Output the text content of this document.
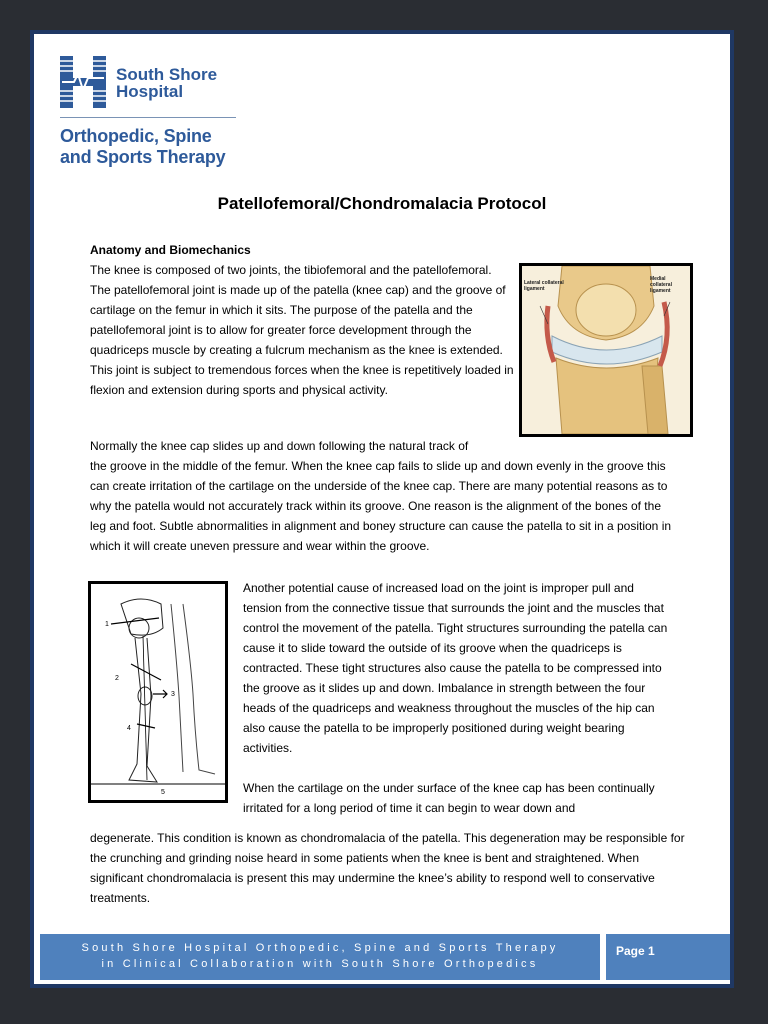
South Shore
Hospital
Orthopedic, Spine
and Sports Therapy
Patellofemoral/Chondromalacia Protocol
Anatomy and Biomechanics
The knee is composed of two joints, the tibiofemoral and the patellofemoral. The patellofemoral joint is made up of the patella (knee cap) and the groove of cartilage on the femur in which it sits. The purpose of the patella and the patellofemoral joint is to allow for greater force development through the quadriceps muscle by creating a fulcrum mechanism as the knee is extended. This joint is subject to tremendous forces when the knee is repetitively loaded in flexion and extension during sports and physical activity.
Lateral collateral ligament
Medial collateral ligament
Normally the knee cap slides up and down following the natural track of
the groove in the middle of the femur. When the knee cap fails to slide up and down evenly in the groove this can create irritation of the cartilage on the underside of the knee cap. There are many potential reasons as to why the patella would not accurately track within its groove. One reason is the alignment of the bones of the leg and foot. Subtle abnormalities in alignment and boney structure can cause the patella to sit in a position in which it will create uneven pressure and wear within the groove.
1
2
3
4
5
Another potential cause of increased load on the joint is improper pull and tension from the connective tissue that surrounds the joint and the muscles that control the movement of the patella. Tight structures surrounding the patella can cause it to slide toward the outside of its groove when the quadriceps is contracted. These tight structures also cause the patella to be compressed into the groove as it slides up and down. Imbalance in strength between the four heads of the quadriceps and weakness throughout the muscles of the hip can also cause the patella to be improperly positioned during weight bearing activities.
When the cartilage on the under surface of the knee cap has been continually irritated for a long period of time it can begin to wear down and
degenerate. This condition is known as chondromalacia of the patella. This degeneration may be responsible for the crunching and grinding noise heard in some patients when the knee is bent and straightened. When significant chondromalacia is present this may undermine the knee’s ability to respond well to conservative treatments.
South Shore Hospital Orthopedic, Spine and Sports Therapy
in Clinical Collaboration with South Shore Orthopedics
Page 1
